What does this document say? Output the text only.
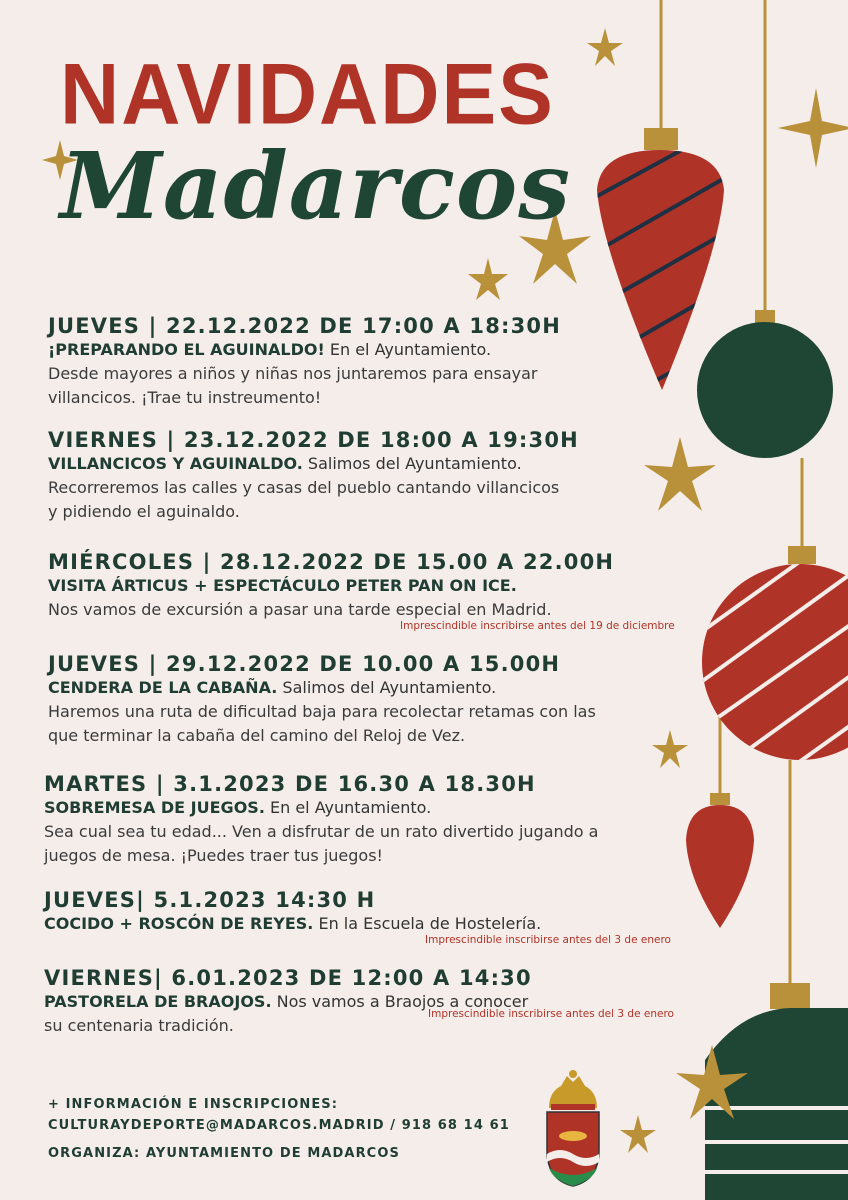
NAVIDADES
Madarcos
JUEVES | 22.12.2022 DE 17:00 A 18:30H
¡PREPARANDO EL AGUINALDO! En el Ayuntamiento.
Desde mayores a niños y niñas nos juntaremos para ensayar
villancicos. ¡Trae tu instreumento!
VIERNES | 23.12.2022 DE 18:00 A 19:30H
VILLANCICOS Y AGUINALDO. Salimos del Ayuntamiento.
Recorreremos las calles y casas del pueblo cantando villancicos
y pidiendo el aguinaldo.
MIÉRCOLES | 28.12.2022 DE 15.00 A 22.00H
VISITA ÁRTICUS + ESPECTÁCULO PETER PAN ON ICE.
Nos vamos de excursión a pasar una tarde especial en Madrid.
Imprescindible inscribirse antes del 19 de diciembre
JUEVES | 29.12.2022 DE 10.00 A 15.00H
CENDERA DE LA CABAÑA. Salimos del Ayuntamiento.
Haremos una ruta de dificultad baja para recolectar retamas con las
que terminar la cabaña del camino del Reloj de Vez.
MARTES | 3.1.2023 DE 16.30 A 18.30H
SOBREMESA DE JUEGOS. En el Ayuntamiento.
Sea cual sea tu edad... Ven a disfrutar de un rato divertido jugando a
juegos de mesa. ¡Puedes traer tus juegos!
JUEVES| 5.1.2023 14:30 H
COCIDO + ROSCÓN DE REYES. En la Escuela de Hostelería.
Imprescindible inscribirse antes del 3 de enero
VIERNES| 6.01.2023 DE 12:00 A 14:30
PASTORELA DE BRAOJOS. Nos vamos a Braojos a conocer
su centenaria tradición.
Imprescindible inscribirse antes del 3 de enero
+ INFORMACIÓN E INSCRIPCIONES:
CULTURAYDEPORTE@MADARCOS.MADRID / 918 68 14 61
ORGANIZA: AYUNTAMIENTO DE MADARCOS
